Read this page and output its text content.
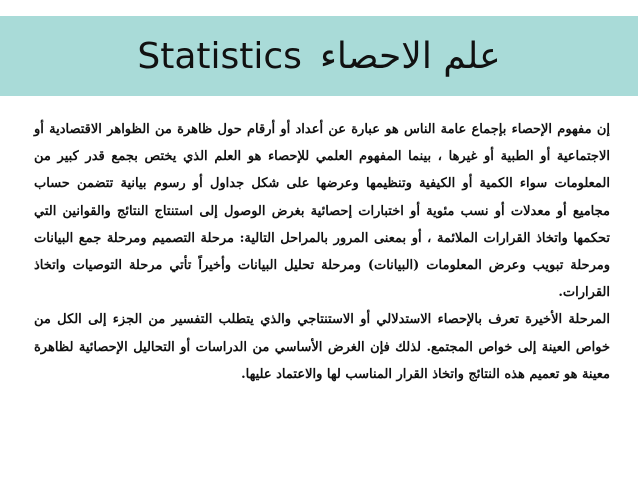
Statistics علم الاحصاء

إن مفهوم الإحصاء بإجماع عامة الناس هو عبارة عن أعداد أو أرقام حول ظاهرة من الظواهر الاقتصادية أو الاجتماعية أو الطبية أو غيرها ، بينما المفهوم العلمي للإحصاء هو العلم الذي يختص بجمع قدر كبير من المعلومات سواء الكمية أو الكيفية وتنظيمها وعرضها على شكل جداول أو رسوم بيانية تتضمن حساب مجاميع أو معدلات أو نسب مئوية أو اختبارات إحصائية بغرض الوصول إلى استنتاج النتائج والقوانين التي تحكمها واتخاذ القرارات الملائمة ، أو بمعنى المرور بالمراحل التالية: مرحلة التصميم ومرحلة جمع البيانات ومرحلة تبويب وعرض المعلومات (البيانات) ومرحلة تحليل البيانات وأخيراً تأتي مرحلة التوصيات واتخاذ القرارات.

المرحلة الأخيرة تعرف بالإحصاء الاستدلالي أو الاستنتاجي والذي يتطلب التفسير من الجزء إلى الكل من خواص العينة إلى خواص المجتمع. لذلك فإن الغرض الأساسي من الدراسات أو التحاليل الإحصائية لظاهرة معينة هو تعميم هذه النتائج واتخاذ القرار المناسب لها والاعتماد عليها.
